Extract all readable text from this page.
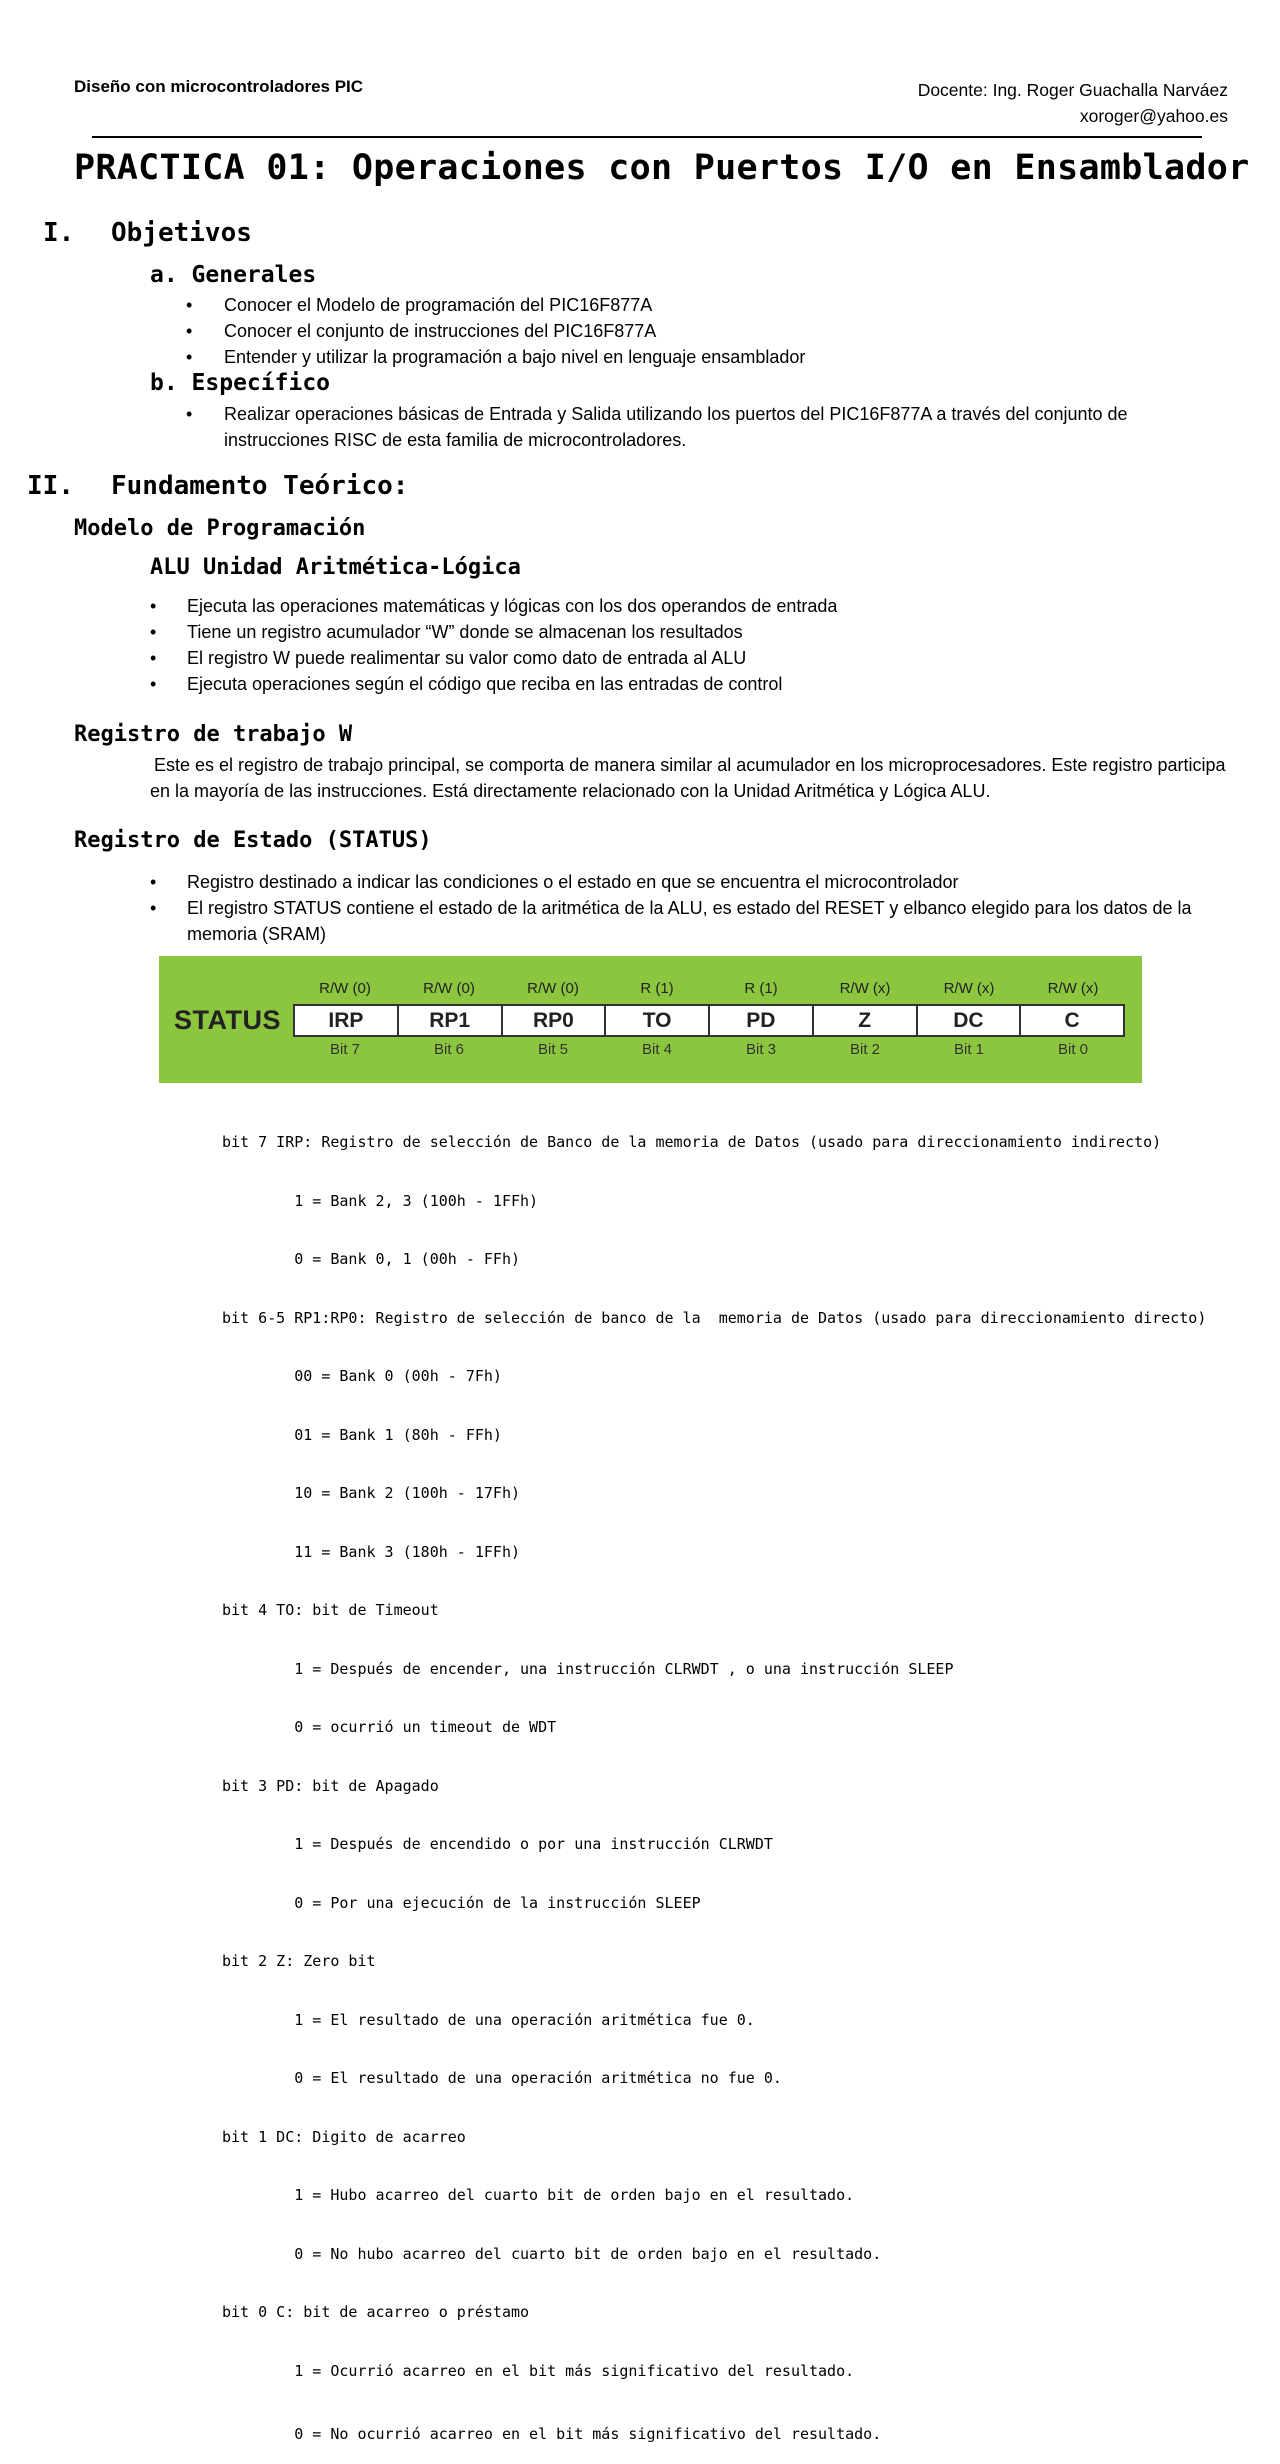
Diseño con microcontroladores PIC	Docente: Ing. Roger Guachalla Narváez
xoroger@yahoo.es
PRACTICA 01: Operaciones con Puertos I/O en Ensamblador
I. Objetivos
a. Generales
• Conocer el Modelo de programación del PIC16F877A
• Conocer el conjunto de instrucciones del PIC16F877A
• Entender y utilizar la programación a bajo nivel en lenguaje ensamblador
b. Específico
• Realizar operaciones básicas de Entrada y Salida utilizando los puertos del PIC16F877A a través del conjunto de instrucciones RISC de esta familia de microcontroladores.
II. Fundamento Teórico:
Modelo de Programación
ALU Unidad Aritmética-Lógica
• Ejecuta las operaciones matemáticas y lógicas con los dos operandos de entrada
• Tiene un registro acumulador “W” donde se almacenan los resultados
• El registro W puede realimentar su valor como dato de entrada al ALU
• Ejecuta operaciones según el código que reciba en las entradas de control
Registro de trabajo W
Este es el registro de trabajo principal, se comporta de manera similar al acumulador en los microprocesadores. Este registro participa en la mayoría de las instrucciones. Está directamente relacionado con la Unidad Aritmética y Lógica ALU.
Registro de Estado (STATUS)
• Registro destinado a indicar las condiciones o el estado en que se encuentra el microcontrolador
• El registro STATUS contiene el estado de la aritmética de la ALU, es estado del RESET y elbanco elegido para los datos de la memoria (SRAM)
STATUS
R/W (0)	R/W (0)	R/W (0)	R (1)	R (1)	R/W (x)	R/W (x)	R/W (x)
IRP	RP1	RP0	TO	PD	Z	DC	C
Bit 7	Bit 6	Bit 5	Bit 4	Bit 3	Bit 2	Bit 1	Bit 0

bit 7 IRP: Registro de selección de Banco de la memoria de Datos (usado para direccionamiento indirecto)

1 = Bank 2, 3 (100h - 1FFh)

0 = Bank 0, 1 (00h - FFh)

bit 6-5 RP1:RP0: Registro de selección de banco de la  memoria de Datos (usado para direccionamiento directo)

00 = Bank 0 (00h - 7Fh)

01 = Bank 1 (80h - FFh)

10 = Bank 2 (100h - 17Fh)

11 = Bank 3 (180h - 1FFh)

bit 4 TO: bit de Timeout

1 = Después de encender, una instrucción CLRWDT , o una instrucción SLEEP

0 = ocurrió un timeout de WDT

bit 3 PD: bit de Apagado

1 = Después de encendido o por una instrucción CLRWDT

0 = Por una ejecución de la instrucción SLEEP

bit 2 Z: Zero bit

1 = El resultado de una operación aritmética fue 0.

0 = El resultado de una operación aritmética no fue 0.

bit 1 DC: Digito de acarreo

1 = Hubo acarreo del cuarto bit de orden bajo en el resultado.

0 = No hubo acarreo del cuarto bit de orden bajo en el resultado.

bit 0 C: bit de acarreo o préstamo

1 = Ocurrió acarreo en el bit más significativo del resultado.

0 = No ocurrió acarreo en el bit más significativo del resultado.
